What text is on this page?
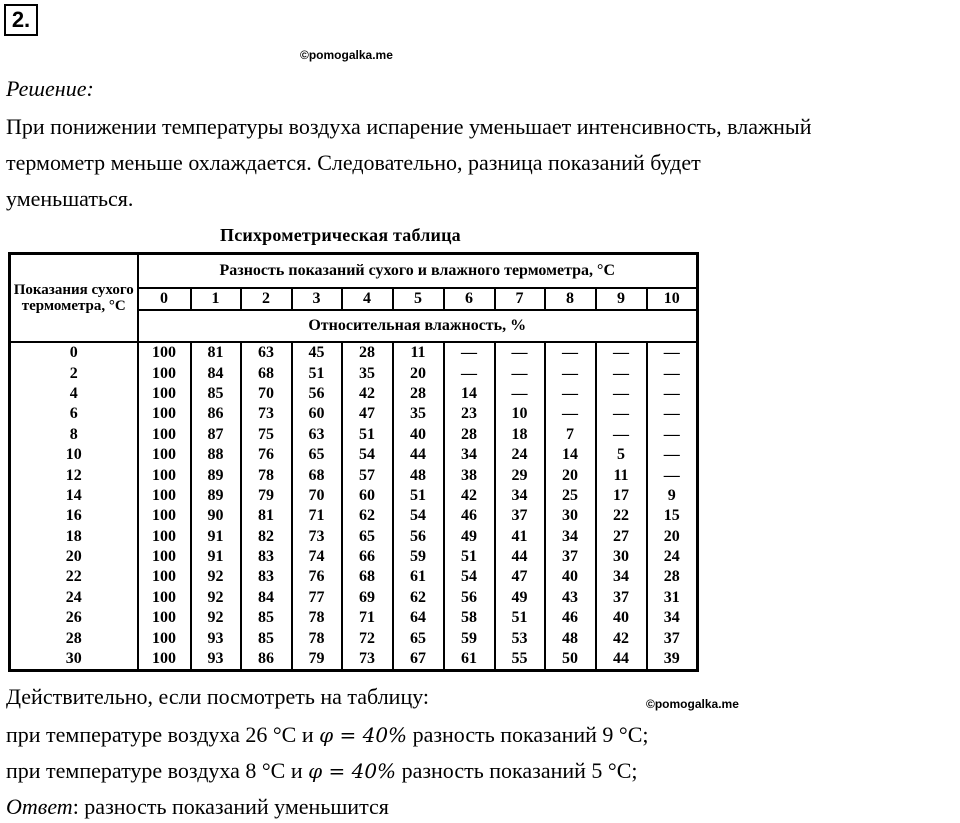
2.
©pomogalka.me
Решение:
При понижении температуры воздуха испарение уменьшает интенсивность, влажный
термометр меньше охлаждается. Следовательно, разница показаний будет
уменьшаться.
Психрометрическая таблица
Показания сухого термометра, °С	Разность показаний сухого и влажного термометра, °С										
	0	1	2	3	4	5	6	7	8	9	10
	Относительная влажность, %										
0	100	81	63	45	28	11	—	—	—	—	—
2	100	84	68	51	35	20	—	—	—	—	—
4	100	85	70	56	42	28	14	—	—	—	—
6	100	86	73	60	47	35	23	10	—	—	—
8	100	87	75	63	51	40	28	18	7	—	—
10	100	88	76	65	54	44	34	24	14	5	—
12	100	89	78	68	57	48	38	29	20	11	—
14	100	89	79	70	60	51	42	34	25	17	9
16	100	90	81	71	62	54	46	37	30	22	15
18	100	91	82	73	65	56	49	41	34	27	20
20	100	91	83	74	66	59	51	44	37	30	24
22	100	92	83	76	68	61	54	47	40	34	28
24	100	92	84	77	69	62	56	49	43	37	31
26	100	92	85	78	71	64	58	51	46	40	34
28	100	93	85	78	72	65	59	53	48	42	37
30	100	93	86	79	73	67	61	55	50	44	39
©pomogalka.me
Действительно, если посмотреть на таблицу:
при температуре воздуха 26 °С и φ = 40% разность показаний 9 °С;
при температуре воздуха 8 °С и φ = 40% разность показаний 5 °С;
Ответ: разность показаний уменьшится
